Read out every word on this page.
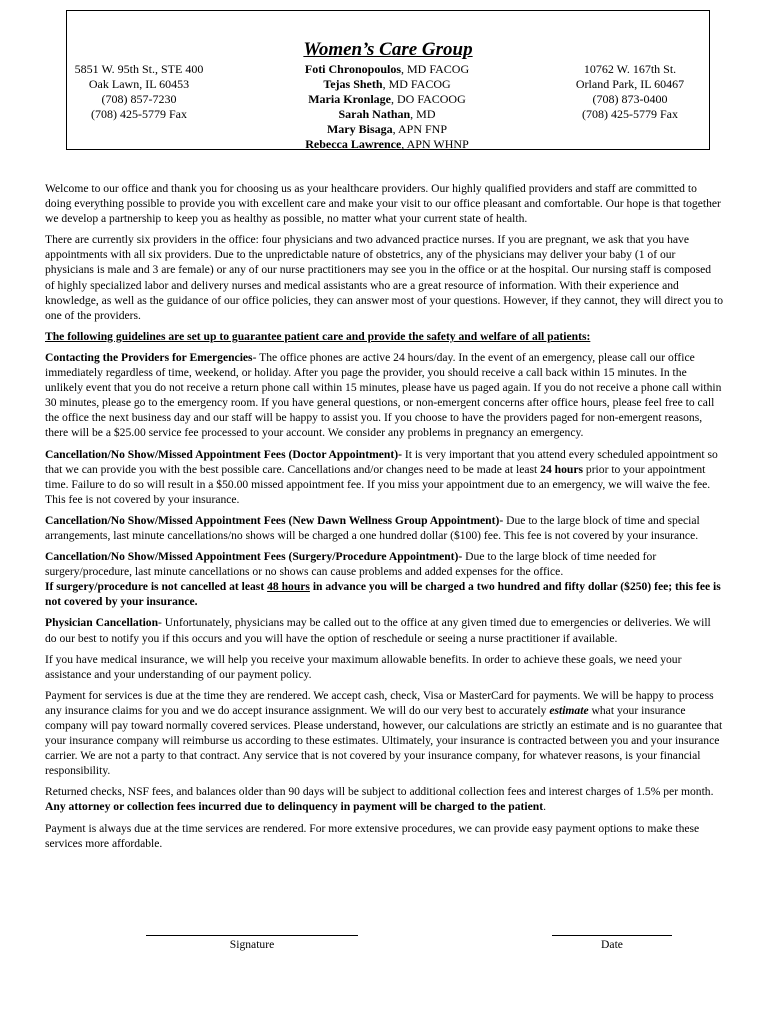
Women’s Care Group
5851 W. 95th St., STE 400
Oak Lawn, IL 60453
(708) 857-7230
(708) 425-5779 Fax
Foti Chronopoulos, MD FACOG
Tejas Sheth, MD FACOG
Maria Kronlage, DO FACOOG
Sarah Nathan, MD
Mary Bisaga, APN FNP
Rebecca Lawrence, APN WHNP
10762 W. 167th St.
Orland Park, IL 60467
(708) 873-0400
(708) 425-5779 Fax

Welcome to our office and thank you for choosing us as your healthcare providers. Our highly qualified providers and staff are committed to doing everything possible to provide you with excellent care and make your visit to our office pleasant and comfortable. Our hope is that together we develop a partnership to keep you as healthy as possible, no matter what your current state of health.

There are currently six providers in the office: four physicians and two advanced practice nurses. If you are pregnant, we ask that you have appointments with all six providers. Due to the unpredictable nature of obstetrics, any of the physicians may deliver your baby (1 of our physicians is male and 3 are female) or any of our nurse practitioners may see you in the office or at the hospital. Our nursing staff is composed of highly specialized labor and delivery nurses and medical assistants who are a great resource of information. With their experience and knowledge, as well as the guidance of our office policies, they can answer most of your questions. However, if they cannot, they will direct you to one of the providers.

The following guidelines are set up to guarantee patient care and provide the safety and welfare of all patients:

Contacting the Providers for Emergencies- The office phones are active 24 hours/day. In the event of an emergency, please call our office immediately regardless of time, weekend, or holiday. After you page the provider, you should receive a call back within 15 minutes. In the unlikely event that you do not receive a return phone call within 15 minutes, please have us paged again. If you do not receive a phone call within 30 minutes, please go to the emergency room. If you have general questions, or non-emergent concerns after office hours, please feel free to call the office the next business day and our staff will be happy to assist you. If you choose to have the providers paged for non-emergent reasons, there will be a $25.00 service fee processed to your account. We consider any problems in pregnancy an emergency.

Cancellation/No Show/Missed Appointment Fees (Doctor Appointment)- It is very important that you attend every scheduled appointment so that we can provide you with the best possible care. Cancellations and/or changes need to be made at least 24 hours prior to your appointment time. Failure to do so will result in a $50.00 missed appointment fee. If you miss your appointment due to an emergency, we will waive the fee. This fee is not covered by your insurance.

Cancellation/No Show/Missed Appointment Fees (New Dawn Wellness Group Appointment)- Due to the large block of time and special arrangements, last minute cancellations/no shows will be charged a one hundred dollar ($100) fee. This fee is not covered by your insurance.

Cancellation/No Show/Missed Appointment Fees (Surgery/Procedure Appointment)- Due to the large block of time needed for surgery/procedure, last minute cancellations or no shows can cause problems and added expenses for the office.
If surgery/procedure is not cancelled at least 48 hours in advance you will be charged a two hundred and fifty dollar ($250) fee; this fee is not covered by your insurance.

Physician Cancellation- Unfortunately, physicians may be called out to the office at any given timed due to emergencies or deliveries. We will do our best to notify you if this occurs and you will have the option of reschedule or seeing a nurse practitioner if available.

If you have medical insurance, we will help you receive your maximum allowable benefits. In order to achieve these goals, we need your assistance and your understanding of our payment policy.

Payment for services is due at the time they are rendered. We accept cash, check, Visa or MasterCard for payments. We will be happy to process any insurance claims for you and we do accept insurance assignment. We will do our very best to accurately estimate what your insurance company will pay toward normally covered services. Please understand, however, our calculations are strictly an estimate and is no guarantee that your insurance company will reimburse us according to these estimates. Ultimately, your insurance is contracted between you and your insurance carrier. We are not a party to that contract. Any service that is not covered by your insurance company, for whatever reasons, is your financial responsibility.

Returned checks, NSF fees, and balances older than 90 days will be subject to additional collection fees and interest charges of 1.5% per month. Any attorney or collection fees incurred due to delinquency in payment will be charged to the patient.

Payment is always due at the time services are rendered. For more extensive procedures, we can provide easy payment options to make these services more affordable.

Signature	Date
